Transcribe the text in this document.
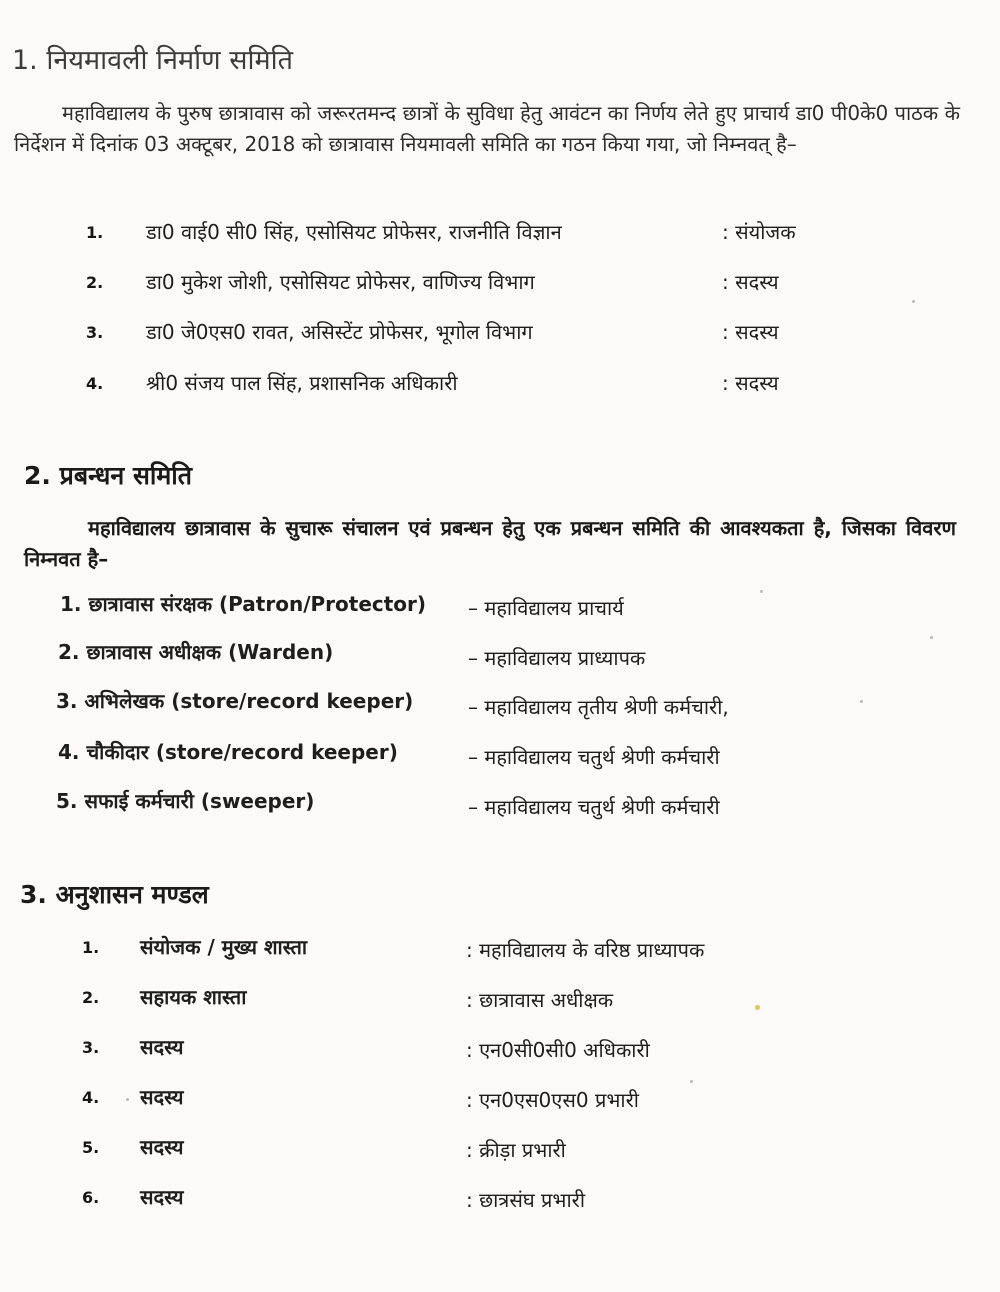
1. नियमावली निर्माण समिति
महाविद्यालय के पुरुष छात्रावास को जरूरतमन्द छात्रों के सुविधा हेतु आवंटन का निर्णय लेते हुए प्राचार्य डा0 पी0के0 पाठक के निर्देशन में दिनांक 03 अक्टूबर, 2018 को छात्रावास नियमावली समिति का गठन किया गया, जो निम्नवत् है–
1. डा0 वाई0 सी0 सिंह, एसोसियट प्रोफेसर, राजनीति विज्ञान	: संयोजक
2. डा0 मुकेश जोशी, एसोसियट प्रोफेसर, वाणिज्य विभाग	: सदस्य
3. डा0 जे0एस0 रावत, असिस्टेंट प्रोफेसर, भूगोल विभाग	: सदस्य
4. श्री0 संजय पाल सिंह, प्रशासनिक अधिकारी	: सदस्य
2. प्रबन्धन समिति
महाविद्यालय छात्रावास के सुचारू संचालन एवं प्रबन्धन हेतु एक प्रबन्धन समिति की आवश्यकता है, जिसका विवरण निम्नवत है–
1. छात्रावास संरक्षक (Patron/Protector) – महाविद्यालय प्राचार्य
2. छात्रावास अधीक्षक (Warden)	– महाविद्यालय प्राध्यापक
3. अभिलेखक (store/record keeper)	– महाविद्यालय तृतीय श्रेणी कर्मचारी,
4. चौकीदार (store/record keeper)	– महाविद्यालय चतुर्थ श्रेणी कर्मचारी
5. सफाई कर्मचारी (sweeper)	– महाविद्यालय चतुर्थ श्रेणी कर्मचारी
3. अनुशासन मण्डल
1. संयोजक / मुख्य शास्ता	: महाविद्यालय के वरिष्ठ प्राध्यापक
2. सहायक शास्ता	: छात्रावास अधीक्षक
3. सदस्य	: एन0सी0सी0 अधिकारी
4. सदस्य	: एन0एस0एस0 प्रभारी
5. सदस्य	: क्रीड़ा प्रभारी
6. सदस्य	: छात्रसंघ प्रभारी
